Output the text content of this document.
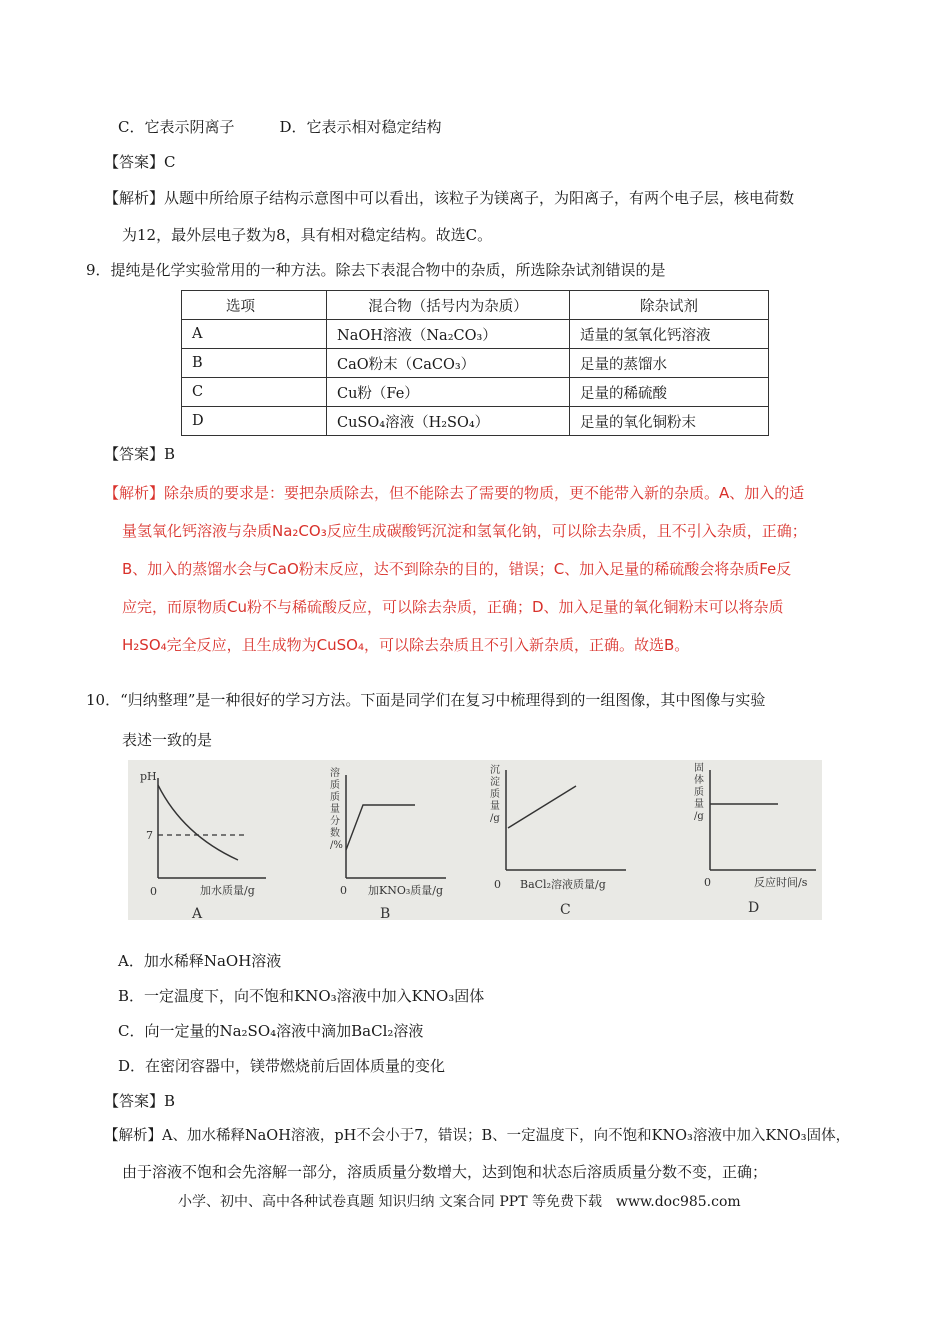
C．它表示阴离子　　　D．它表示相对稳定结构
【答案】C
【解析】从题中所给原子结构示意图中可以看出，该粒子为镁离子，为阳离子，有两个电子层，核电荷数
为12，最外层电子数为8，具有相对稳定结构。故选C。
9．提纯是化学实验常用的一种方法。除去下表混合物中的杂质，所选除杂试剂错误的是
选项	混合物（括号内为杂质）	除杂试剂
A	NaOH溶液（Na₂CO₃）	适量的氢氧化钙溶液
B	CaO粉末（CaCO₃）	足量的蒸馏水
C	Cu粉（Fe）	足量的稀硫酸
D	CuSO₄溶液（H₂SO₄）	足量的氧化铜粉末
【答案】B
【解析】除杂质的要求是：要把杂质除去，但不能除去了需要的物质，更不能带入新的杂质。A、加入的适
量氢氧化钙溶液与杂质Na₂CO₃反应生成碳酸钙沉淀和氢氧化钠，可以除去杂质，且不引入杂质，正确；
B、加入的蒸馏水会与CaO粉末反应，达不到除杂的目的，错误；C、加入足量的稀硫酸会将杂质Fe反
应完，而原物质Cu粉不与稀硫酸反应，可以除去杂质，正确；D、加入足量的氧化铜粉末可以将杂质
H₂SO₄完全反应，且生成物为CuSO₄，可以除去杂质且不引入新杂质，正确。故选B。
10．“归纳整理”是一种很好的学习方法。下面是同学们在复习中梳理得到的一组图像，其中图像与实验
表述一致的是
pH
7
0	加水质量/g
A
溶
质
质
量
分
数
/%
0 加KNO₃质量/g
B
沉
淀
质
量
/g
0 BaCl₂溶液质量/g
C
固
体
质
量
/g
0	反应时间/s
D
A．加水稀释NaOH溶液
B．一定温度下，向不饱和KNO₃溶液中加入KNO₃固体
C．向一定量的Na₂SO₄溶液中滴加BaCl₂溶液
D．在密闭容器中，镁带燃烧前后固体质量的变化
【答案】B
【解析】A、加水稀释NaOH溶液，pH不会小于7，错误；B、一定温度下，向不饱和KNO₃溶液中加入KNO₃固体，
由于溶液不饱和会先溶解一部分，溶质质量分数增大，达到饱和状态后溶质质量分数不变，正确；
小学、初中、高中各种试卷真题 知识归纳 文案合同 PPT 等免费下载　www.doc985.com
